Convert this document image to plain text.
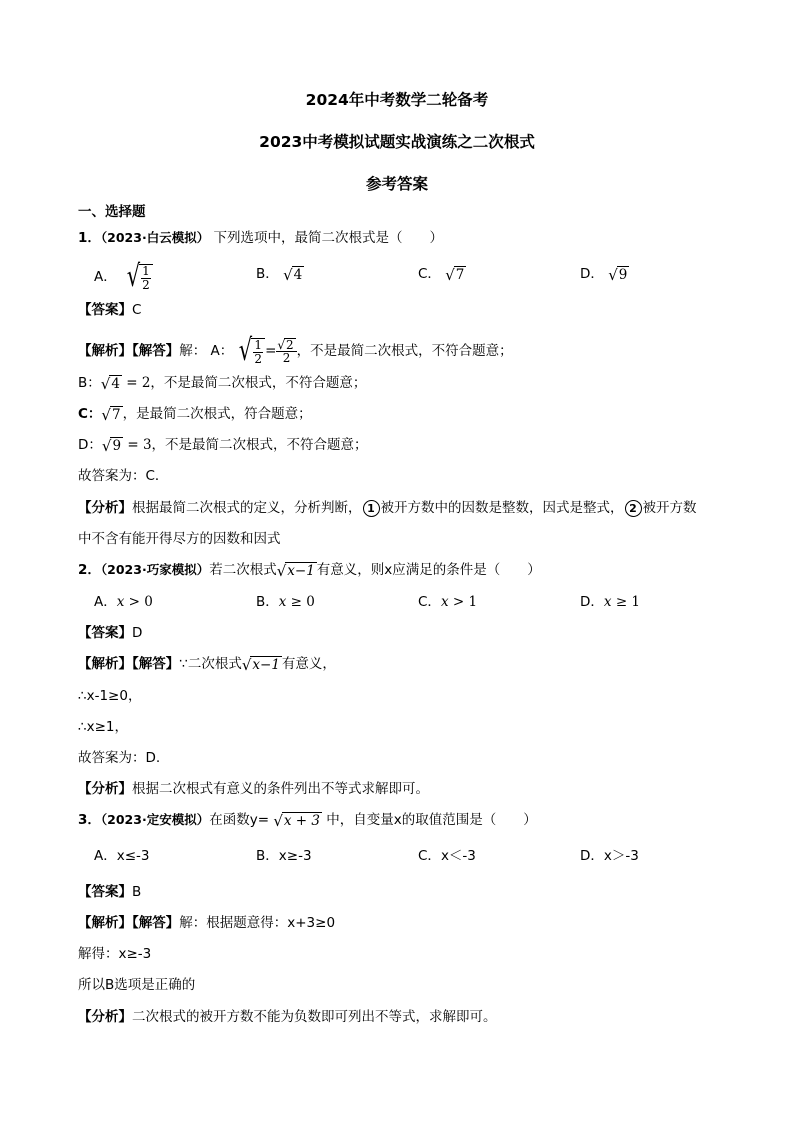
2024年中考数学二轮备考
2023中考模拟试题实战演练之二次根式
参考答案
一、选择题
1．（2023·白云模拟） 下列选项中，最简二次根式是（　　）
A． √ $\frac{1}{2}$	B． √ 4	C． √ 7	D． √ 9
【答案】C
【解析】【解答】解： A： √ $\frac{1}{2} = \frac{√ 2}{2}$ ，不是最简二次根式，不符合题意；
B： √ 4 = 2，不是最简二次根式，不符合题意；
C： √ 7 ，是最简二次根式，符合题意；
D： √ 9 = 3，不是最简二次根式，不符合题意；
故答案为：C．
【分析】根据最简二次根式的定义，分析判断， 1 被开方数中的因数是整数，因式是整式， 2 被开方数
中不含有能开得尽方的因数和因式
2．（2023·巧家模拟）若二次根式 √ x−1 有意义，则x应满足的条件是（　　）
A．x > 0	B．x ≥ 0	C．x > 1	D．x ≥ 1
【答案】D
【解析】【解答】∵二次根式 √ x−1 有意义，
∴x-1≥0，
∴x≥1，
故答案为：D.
【分析】根据二次根式有意义的条件列出不等式求解即可。
3．（2023·定安模拟）在函数y= √ x + 3 中，自变量x的取值范围是（　　）
A．x≤-3	B．x≥-3	C．x＜-3	D．x＞-3
【答案】B
【解析】【解答】解：根据题意得：x+3≥0
解得：x≥-3
所以B选项是正确的
【分析】二次根式的被开方数不能为负数即可列出不等式，求解即可。
